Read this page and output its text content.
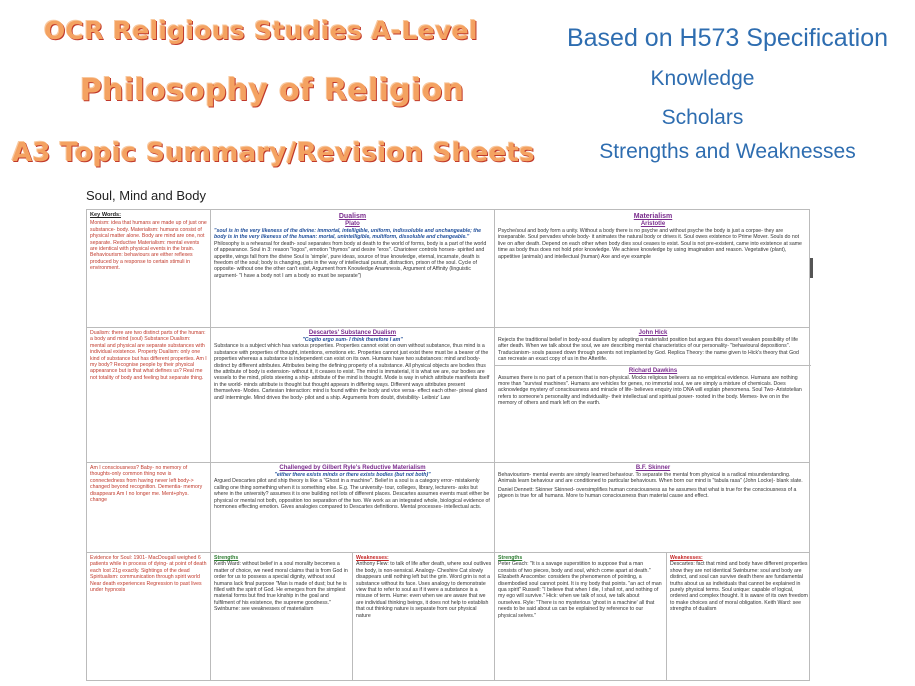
OCR Religious Studies A-Level
Philosophy of Religion
A3 Topic Summary/Revision Sheets
Based on H573 Specification
Knowledge
Scholars
Strengths and Weaknesses
Soul, Mind and Body
Key Words:
Monism: idea that humans are made up of just one substance- body. Materialism: humans consist of physical matter alone. Body are mind are one, not separate. Reductive Materialism: mental events are identical with physical events in the brain. Behaviourism: behaviours are either reflexes produced by a response to certain stimuli in environment.
Dualism
Plato
"soul is in the very likeness of the divine: immortal, intelligible, uniform, indissoluble and unchangeable; the body is in the very likeness of the human: mortal, unintelligible, multiform, dissoluble and changeable."
Philosophy is a rehearsal for death- soul separates from body at death to the world of forms, body is a part of the world of appearance. Soul in 3: reason "logos", emotion "thymos" and desire "eros". Charioteer controls horses- spirited and appetite, wings fall from the divine Soul is 'simple', pure ideas, source of true knowledge, eternal, incarnate, death is freedom of the soul; body is changing, gets in the way of intellectual pursuit, distraction, prison of the soul. Cycle of opposite- without one the other can't exist, Argument from Knowledge Anamnesis, Argument of Affinity (linguistic argument- "I have a body not I am a body so must be separate")
Materialism
Aristotle
Psyche/soul and body form a unity. Without a body there is no psyche and without psyche the body is just a corpse- they are inseparable. Soul pervades whole body- it animates the natural body or drives it. Soul owes existence to Prime Mover. Souls do not live on after death. Depend on each other when body dies soul ceases to exist. Soul is not pre-existent, came into existence at same time as body thus does not hold prior knowledge. We achieve knowledge by using imagination and reason. Vegetative (plant), appetitive (animals) and intellectual (human) Axe and eye example
Dualism: there are two distinct parts of the human: a body and mind (soul) Substance Dualism: mental and physical are separate substances with individual existence. Property Dualism: only one kind of substance but has different properties. Am I my body? Recognise people by their physical appearance but is that what defines us? Real me not totality of body and feeling but separate thing.
Descartes' Substance Dualism
"Cogito ergo sum- I think therefore I am"
Substance is a subject which has various properties. Properties cannot exist on own without substance, thus mind is a substance with properties of thought, intentions, emotions etc. Properties cannot just exist there must be a bearer of the properties whereas a substance is independent can exist on its own. Humans have two substances: mind and body- distinct by different attributes. Attributes being the defining property of a substance. All physical objects are bodies thus the attribute of body is extension- without it, it ceases to exist. The mind is immaterial, it is what we are, our bodies are vessels to the mind, pilots steering a ship- attribute of the mind is thought. Mode is way in which attribute manifests itself in the world- minds attribute is thought but thought appears in differing ways. Different ways attributes present themselves- Modes. Cartesian Interaction: mind is found within the body and vice versa- effect each other- pineal gland and/ intermingle. Mind drives the body- pilot and a ship. Arguments from doubt, divisibility- Leibniz' Law
John Hick
Rejects the traditional belief in body-soul dualism by adopting a materialist position but argues this doesn't weaken possibility of life after death. When we talk about the soul, we are describing mental characteristics of our personality- "behavioural depositions". Traducianism- souls passed down through parents not implanted by God. Replica Theory: the name given to Hick's theory that God can recreate an exact copy of us in the Afterlife.
Richard Dawkins
Assumes there is no part of a person that is non-physical. Mocks religious believers as no empirical evidence. Humans are nothing more than "survival machines". Humans are vehicles for genes, no immortal soul, we are simply a mixture of chemicals. Does acknowledge mystery of consciousness and miracle of life- believes enquiry into DNA will explain phenomena. Soul Two- Aristotelian refers to someone's personality and individuality- their intellectual and spiritual power- rooted in the body. Memes- live on in the memory of others and mark left on the earth.
Am I consciousness? Baby- no memory of thoughts-only common thing now is connectedness from having never left body-> changed beyond recognition. Dementia- memory disappears Am I no longer me. Ment+phys. change
Challenged by Gilbert Ryle's Reductive Materialism
"either there exists minds or there exists bodies (but not both)"
Argued Descartes pilot and ship theory is like a "Ghost in a machine". Belief in a soul is a category error- mistakenly calling one thing something when it is something else. E.g. The university- tour, colleges, library, lecturers- asks but where in the university? assumes it is one building not lots of different places. Descartes assumes events must either be physical or mental not both, opposition too separation of the two. We work as an integrated whole, biological evidence of hormones effecting emotion. Gives analogies compared to Descartes definitions. Mental processes- intellectual acts.
B.F. Skinner
Behaviourism- mental events are simply learned behaviour. To separate the mental from physical is a radical misunderstanding. Animals learn behaviour and are conditioned to particular behaviours. When born our mind is "tabula rasa" (John Locke)- blank slate.
Daniel Dennett: Skinner Skinned- oversimplifies human consciousness as he assumes that what is true for the consciousness of a pigeon is true for all humans. More to human consciousness than material cause and effect.
Evidence for Soul: 1901- MacDougall weighed 6 patients while in process of dying- at point of death each lost 21g exactly. Sightings of the dead Spiritualism: communication through spirit world Near death experiences Regression to past lives under hypnosis
Strengths
Keith Ward: without belief in a soul morality becomes a matter of choice, we need moral claims that is from God in order for us to possess a special dignity, without soul humans lack final purpose "Man is made of dust; but he is filled with the spirit of God. He emerges from the simplest material forms but find true kinship in the goal and fulfilment of his existence, the supreme goodness." Swinburne: see weaknesses of materialism
Weaknesses:
Anthony Flew: to talk of life after death, where soul outlives the body, is non-sensical. Analogy- Cheshire Cat slowly disappears until nothing left but the grin. Word grin is not a substance without its face. Uses analogy to demonstrate view that to refer to soul as if it were a substance is a misuse of term. Hume: even when we are aware that we are individual thinking beings, it does not help to establish that out thinking nature is separate from our physical nature
Strengths
Peter Geach: "It is a savage superstition to suppose that a man consists of two pieces, body and soul, which come apart at death." Elizabeth Anscombe: considers the phenomenon of pointing, a disembodied soul cannot point. It is my body that points. "an act of man qua spirit" Russell: "I believe that when I die, I shall rot, and nothing of my ego will survive." Hick: when we talk of soul, we talk about ourselves. Ryle: "There is no mysterious 'ghost in a machine' all that needs to be said about us can be explained by reference to our physical selves."
Weaknesses:
Descartes: fact that mind and body have different properties show they are not identical Swinburne: soul and body are distinct, and soul can survive death there are fundamental truths about us as individuals that cannot be explained in purely physical terms. Soul unique: capable of logical, ordered and complex thought. It is aware of its own freedom to make choices and of moral obligation. Keith Ward: see strengths of dualism
